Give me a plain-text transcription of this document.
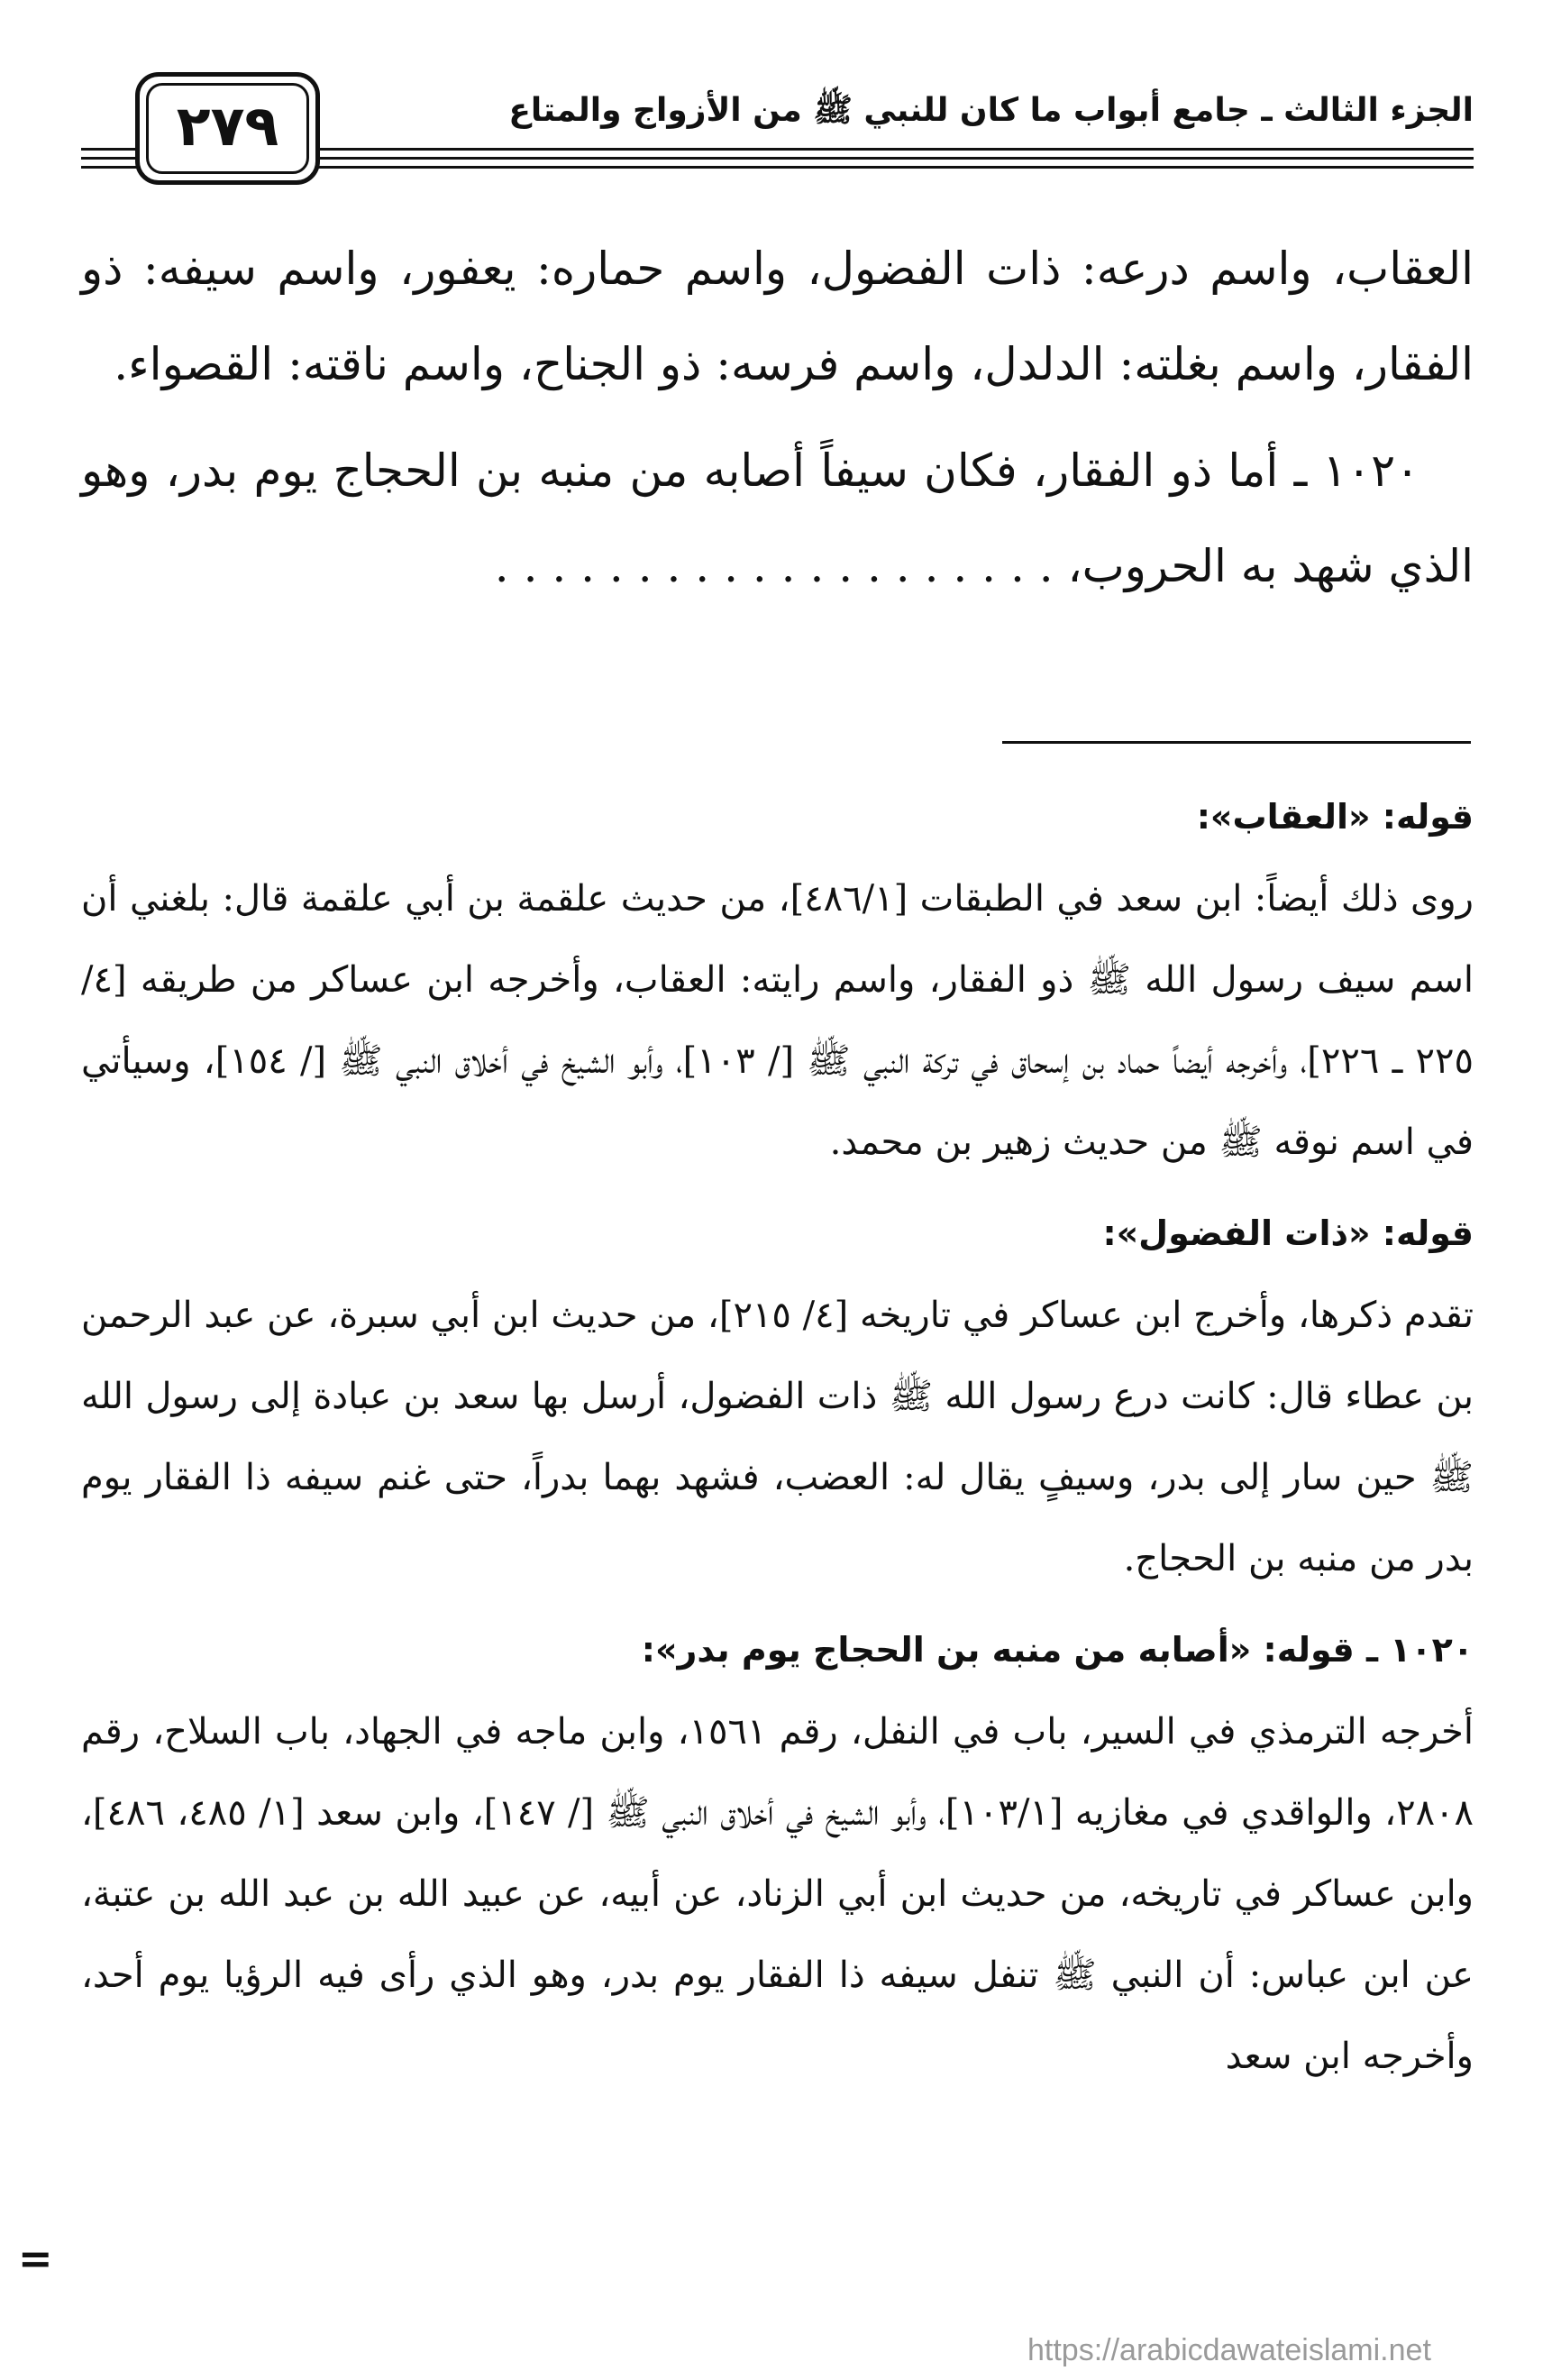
الجزء الثالث ـ جامع أبواب ما كان للنبي ﷺ من الأزواج والمتاع
٢٧٩

العقاب، واسم درعه: ذات الفضول، واسم حماره: يعفور، واسم سيفه: ذو الفقار، واسم بغلته: الدلدل، واسم فرسه: ذو الجناح، واسم ناقته: القصواء.

١٠٢٠ ـ أما ذو الفقار، فكان سيفاً أصابه من منبه بن الحجاج يوم بدر، وهو الذي شهد به الحروب، . . . . . . . . . . . . . . . . . . . .

قوله: «العقاب»:

روى ذلك أيضاً: ابن سعد في الطبقات [٤٨٦/١]، من حديث علقمة بن أبي علقمة قال: بلغني أن اسم سيف رسول الله ﷺ ذو الفقار، واسم رايته: العقاب، وأخرجه ابن عساكر من طريقه [٤/ ٢٢٥ ـ ٢٢٦]، وأخرجه أيضاً حماد بن إسحاق في تركة النبي ﷺ [/ ١٠٣]، وأبو الشيخ في أخلاق النبي ﷺ [/ ١٥٤]، وسيأتي في اسم نوقه ﷺ من حديث زهير بن محمد.

قوله: «ذات الفضول»:

تقدم ذكرها، وأخرج ابن عساكر في تاريخه [٤/ ٢١٥]، من حديث ابن أبي سبرة، عن عبد الرحمن بن عطاء قال: كانت درع رسول الله ﷺ ذات الفضول، أرسل بها سعد بن عبادة إلى رسول الله ﷺ حين سار إلى بدر، وسيفٍ يقال له: العضب، فشهد بهما بدراً، حتى غنم سيفه ذا الفقار يوم بدر من منبه بن الحجاج.

١٠٢٠ ـ قوله: «أصابه من منبه بن الحجاج يوم بدر»:

أخرجه الترمذي في السير، باب في النفل، رقم ١٥٦١، وابن ماجه في الجهاد، باب السلاح، رقم ٢٨٠٨، والواقدي في مغازيه [١٠٣/١]، وأبو الشيخ في أخلاق النبي ﷺ [/ ١٤٧]، وابن سعد [١/ ٤٨٥، ٤٨٦]، وابن عساكر في تاريخه، من حديث ابن أبي الزناد، عن أبيه، عن عبيد الله بن عبد الله بن عتبة، عن ابن عباس: أن النبي ﷺ تنفل سيفه ذا الفقار يوم بدر، وهو الذي رأى فيه الرؤيا يوم أحد، وأخرجه ابن سعد

=
https://arabicdawateislami.net
